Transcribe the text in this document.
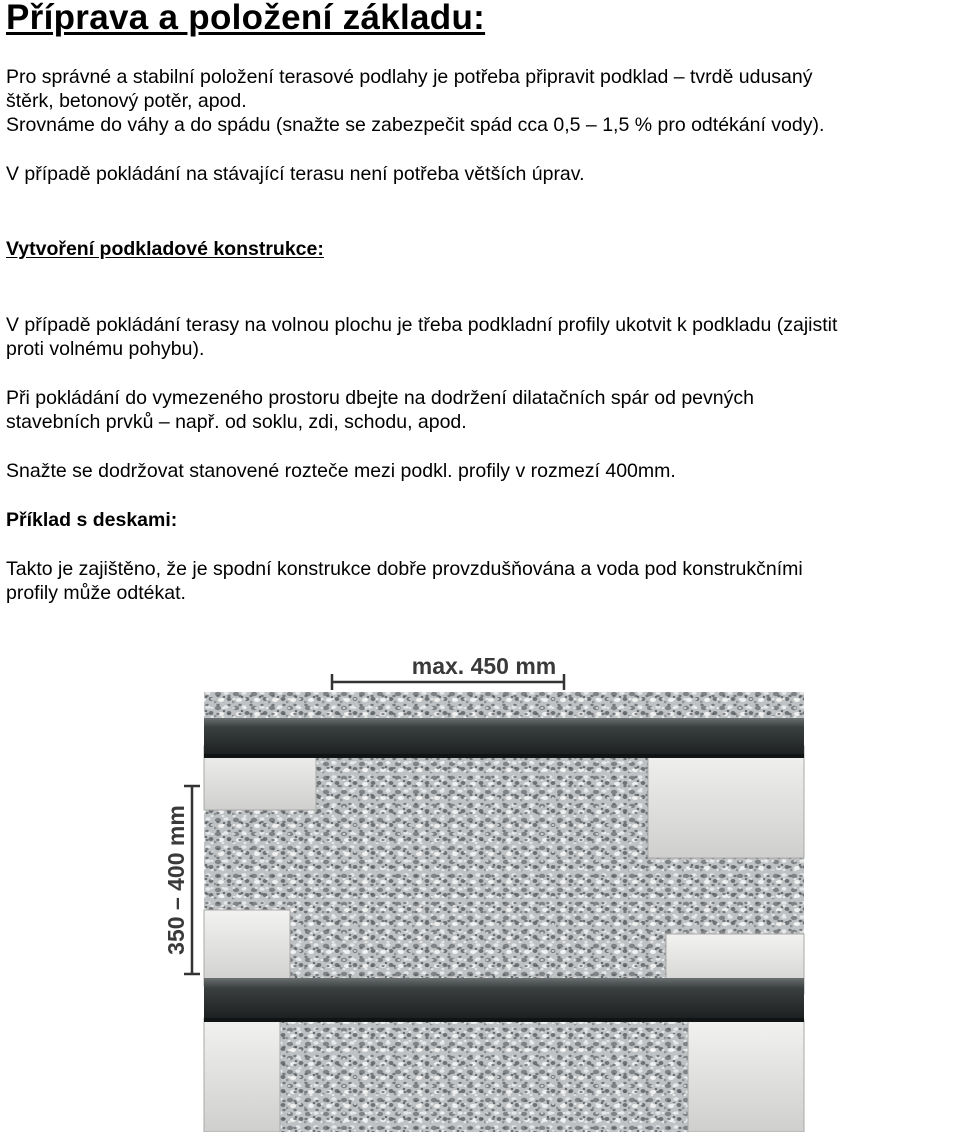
Příprava a položení základu:

Pro správné a stabilní položení terasové podlahy je potřeba připravit podklad – tvrdě udusaný

štěrk, betonový potěr, apod.

Srovnáme do váhy a do spádu (snažte se zabezpečit spád cca 0,5 – 1,5 % pro odtékání vody).

V případě pokládání na stávající terasu není potřeba větších úprav.

Vytvoření podkladové konstrukce:

V případě pokládání terasy na volnou plochu je třeba podkladní profily ukotvit k podkladu (zajistit

proti volnému pohybu).

Při pokládání do vymezeného prostoru dbejte na dodržení dilatačních spár od pevných

stavebních prvků – např. od soklu, zdi, schodu, apod.

Snažte se dodržovat stanovené rozteče mezi podkl. profily v rozmezí 400mm.

Příklad s deskami:

Takto je zajištěno, že je spodní konstrukce dobře provzdušňována a voda pod konstrukčními

profily může odtékat.

max. 450 mm
350 – 400 mm
